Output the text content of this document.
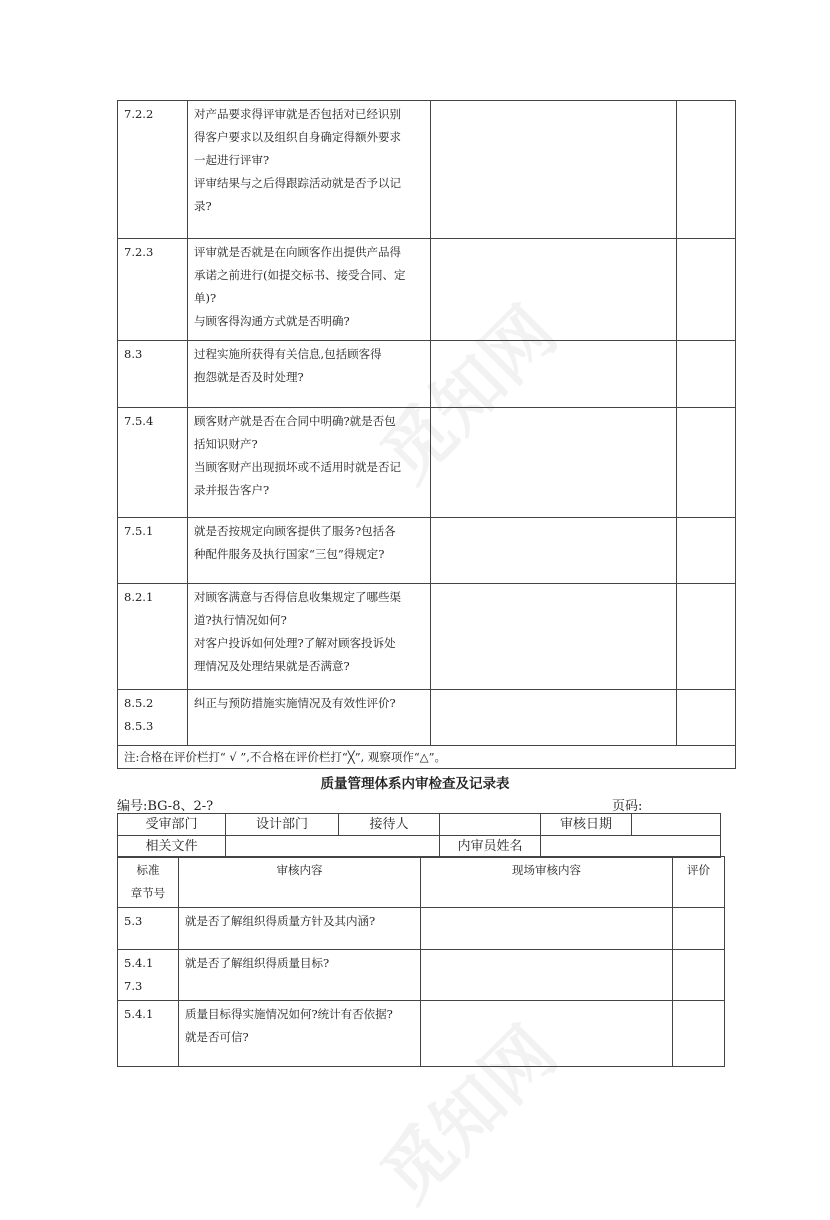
觅知网
觅知网
7.2.2	对产品要求得评审就是否包括对已经识别
得客户要求以及组织自身确定得额外要求
一起进行评审?
评审结果与之后得跟踪活动就是否予以记
录?		

7.2.3	评审就是否就是在向顾客作出提供产品得
承诺之前进行(如提交标书、接受合同、定
单)?
与顾客得沟通方式就是否明确?		

8.3	过程实施所获得有关信息,包括顾客得
抱怨就是否及时处理?		

7.5.4	顾客财产就是否在合同中明确?就是否包
括知识财产?
当顾客财产出现损坏或不适用时就是否记
录并报告客户?		

7.5.1	就是否按规定向顾客提供了服务?包括各
种配件服务及执行国家“三包”得规定?		

8.2.1	对顾客满意与否得信息收集规定了哪些渠
道?执行情况如何?
对客户投诉如何处理?了解对顾客投诉处
理情况及处理结果就是否满意?		

8.5.2
8.5.3	纠正与预防措施实施情况及有效性评价?		

注:合格在评价栏打“ √ ”,不合格在评价栏打“╳”, 观察项作“△”。			
质量管理体系内审检查及记录表
编号:BG-8、2-?	页码:
受审部门	设计部门	接待人		审核日期	
相关文件			内审员姓名		
标准
章节号	审核内容	现场审核内容	评价
5.3	就是否了解组织得质量方针及其内涵?		

5.4.1
7.3	就是否了解组织得质量目标?		

5.4.1	质量目标得实施情况如何?统计有否依据?
就是否可信?		
